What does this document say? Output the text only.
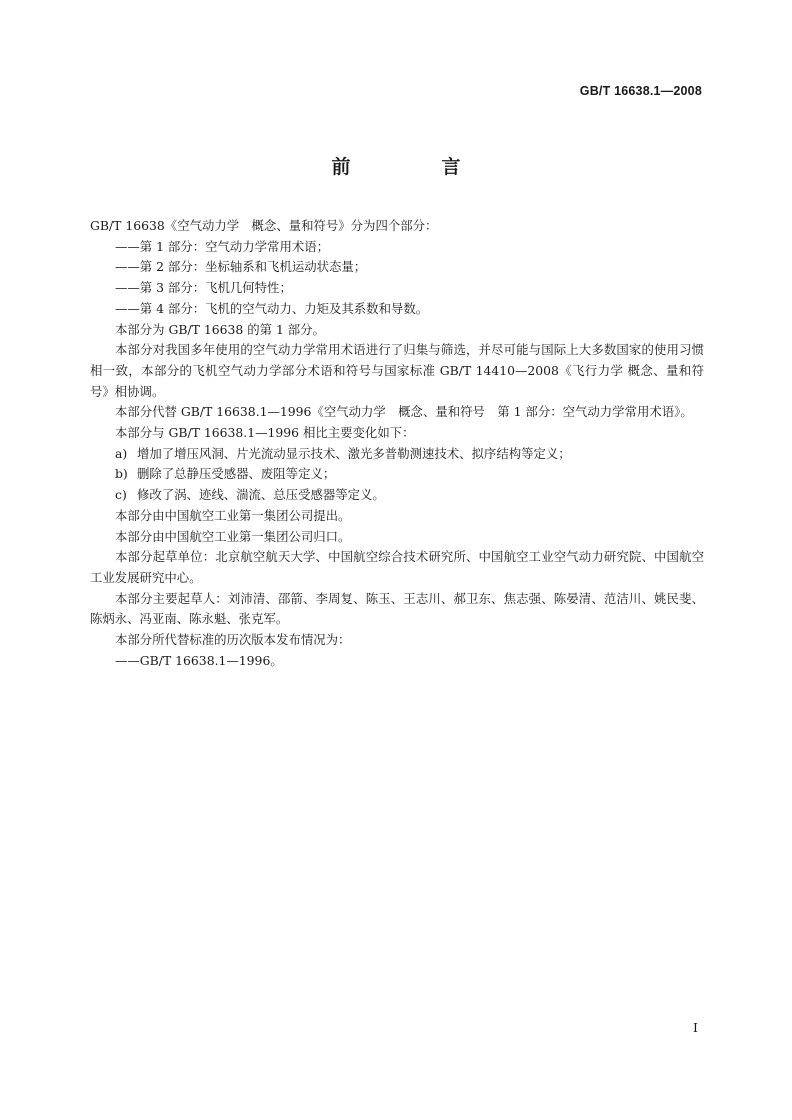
GB/T 16638.1—2008
前　言

GB/T 16638《空气动力学　概念、量和符号》分为四个部分：

——第 1 部分：空气动力学常用术语；

——第 2 部分：坐标轴系和飞机运动状态量；

——第 3 部分：飞机几何特性；

——第 4 部分：飞机的空气动力、力矩及其系数和导数。

本部分为 GB/T 16638 的第 1 部分。

本部分对我国多年使用的空气动力学常用术语进行了归集与筛选，并尽可能与国际上大多数国家的使用习惯相一致，本部分的飞机空气动力学部分术语和符号与国家标准 GB/T 14410—2008《飞行力学 概念、量和符号》相协调。

本部分代替 GB/T 16638.1—1996《空气动力学　概念、量和符号　第 1 部分：空气动力学常用术语》。

本部分与 GB/T 16638.1—1996 相比主要变化如下：

a) 增加了增压风洞、片光流动显示技术、激光多普勒测速技术、拟序结构等定义；
b) 删除了总静压受感器、废阻等定义；
c) 修改了涡、迹线、湍流、总压受感器等定义。

本部分由中国航空工业第一集团公司提出。

本部分由中国航空工业第一集团公司归口。

本部分起草单位：北京航空航天大学、中国航空综合技术研究所、中国航空工业空气动力研究院、中国航空工业发展研究中心。

本部分主要起草人：刘沛清、邵箭、李周复、陈玉、王志川、郝卫东、焦志强、陈晏清、范洁川、姚民斐、陈炳永、冯亚南、陈永魁、张克军。

本部分所代替标准的历次版本发布情况为：

——GB/T 16638.1—1996。

I
